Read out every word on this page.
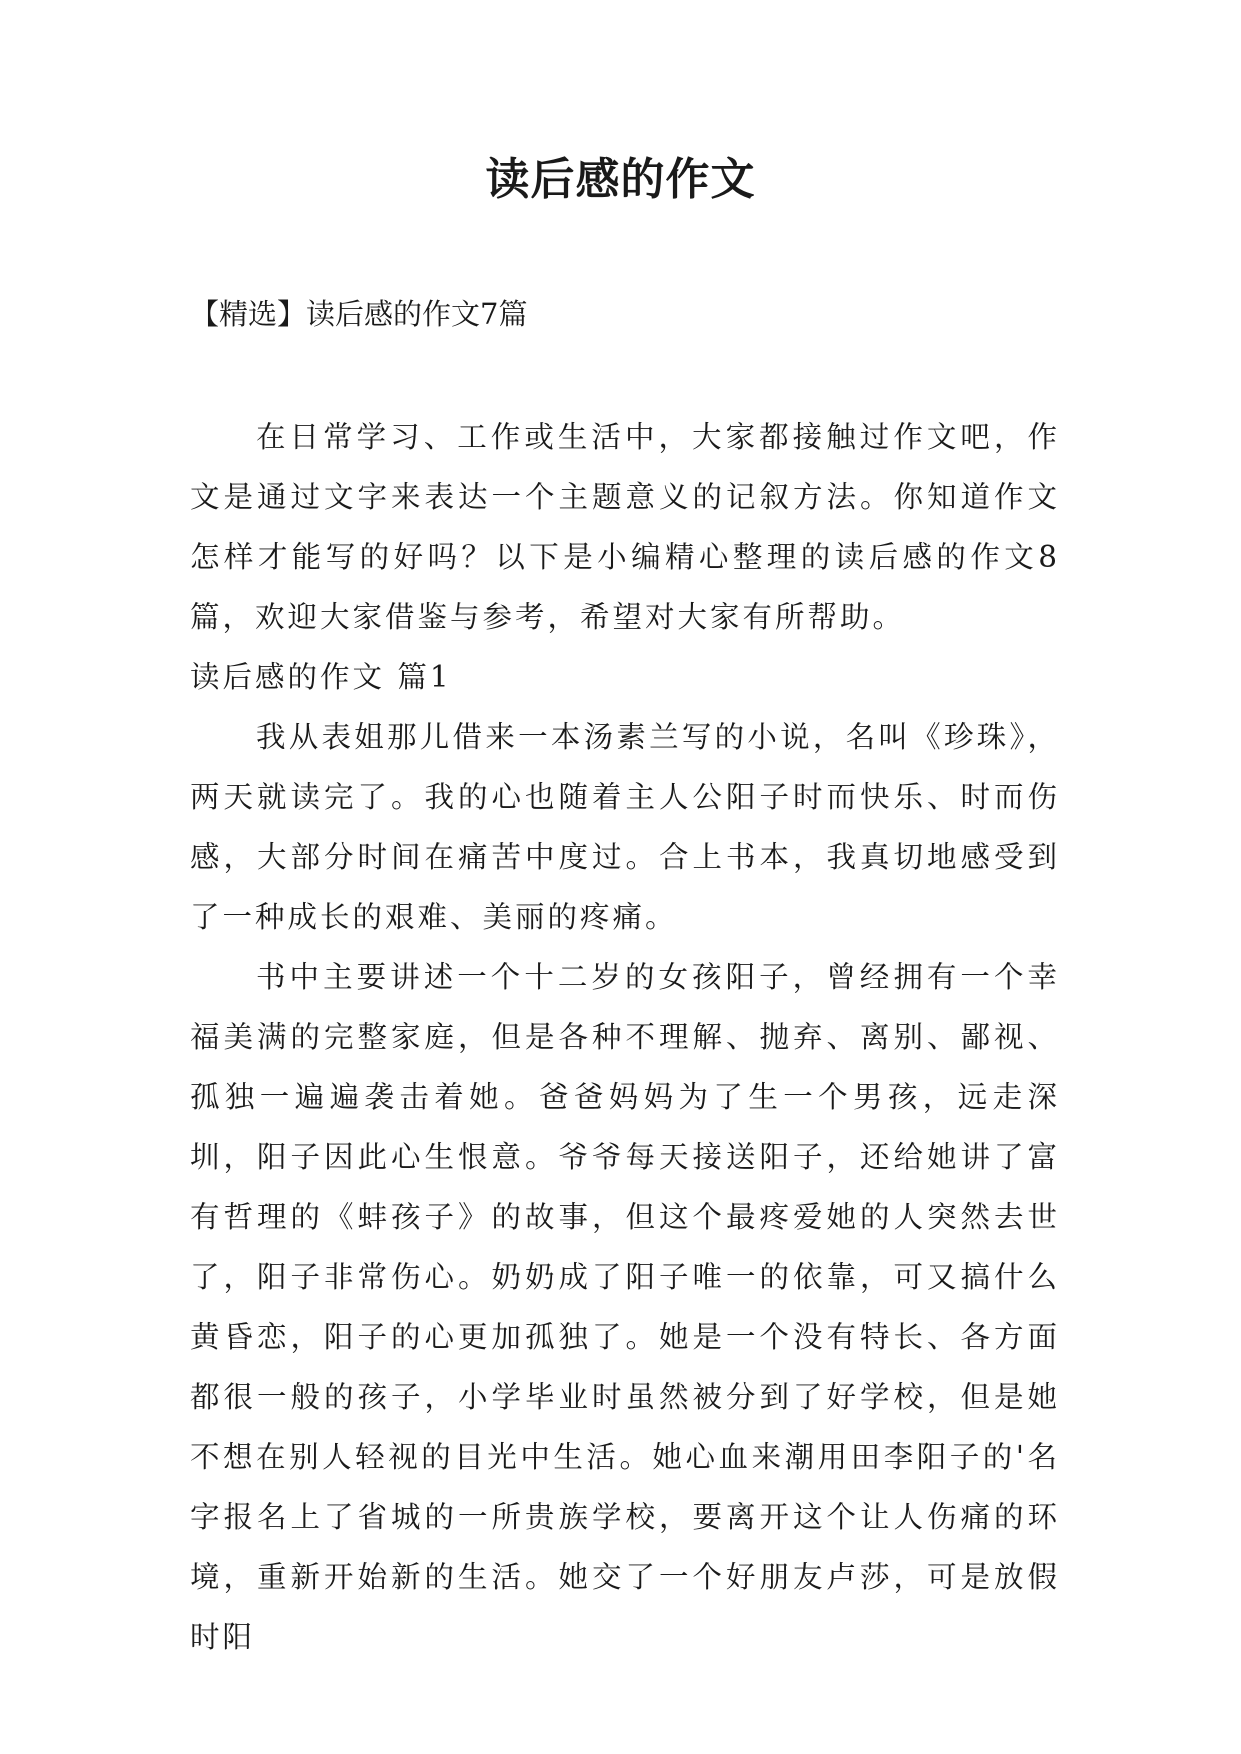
读后感的作文
【精选】读后感的作文7篇

在日常学习、工作或生活中，大家都接触过作文吧，作文是通过文字来表达一个主题意义的记叙方法。你知道作文怎样才能写的好吗？以下是小编精心整理的读后感的作文8篇，欢迎大家借鉴与参考，希望对大家有所帮助。

读后感的作文 篇1

我从表姐那儿借来一本汤素兰写的小说，名叫《珍珠》，两天就读完了。我的心也随着主人公阳子时而快乐、时而伤感，大部分时间在痛苦中度过。合上书本，我真切地感受到了一种成长的艰难、美丽的疼痛。

书中主要讲述一个十二岁的女孩阳子，曾经拥有一个幸福美满的完整家庭，但是各种不理解、抛弃、离别、鄙视、孤独一遍遍袭击着她。爸爸妈妈为了生一个男孩，远走深圳，阳子因此心生恨意。爷爷每天接送阳子，还给她讲了富有哲理的《蚌孩子》的故事，但这个最疼爱她的人突然去世了，阳子非常伤心。奶奶成了阳子唯一的依靠，可又搞什么黄昏恋，阳子的心更加孤独了。她是一个没有特长、各方面都很一般的孩子，小学毕业时虽然被分到了好学校，但是她不想在别人轻视的目光中生活。她心血来潮用田李阳子的'名字报名上了省城的一所贵族学校，要离开这个让人伤痛的环境，重新开始新的生活。她交了一个好朋友卢莎，可是放假时阳
